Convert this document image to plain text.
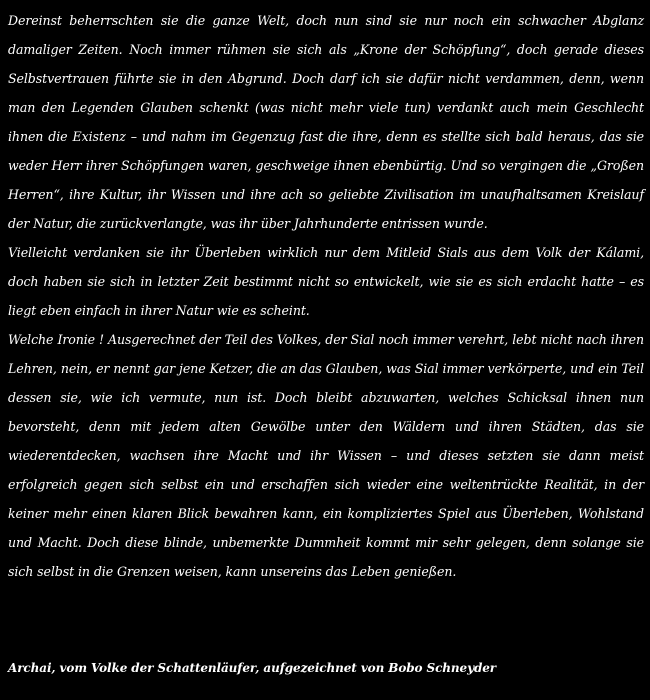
Dereinst beherrschten sie die ganze Welt, doch nun sind sie nur noch ein schwacher Abglanz damaliger Zeiten. Noch immer rühmen sie sich als „Krone der Schöpfung“, doch gerade dieses Selbstvertrauen führte sie in den Abgrund. Doch darf ich sie dafür nicht verdammen, denn, wenn man den Legenden Glauben schenkt (was nicht mehr viele tun) verdankt auch mein Geschlecht ihnen die Existenz – und nahm im Gegenzug fast die ihre, denn es stellte sich bald heraus, das sie weder Herr ihrer Schöpfungen waren, geschweige ihnen ebenbürtig. Und so vergingen die „Großen Herren“, ihre Kultur, ihr Wissen und ihre ach so geliebte Zivilisation im unaufhaltsamen Kreislauf der Natur, die zurückverlangte, was ihr über Jahrhunderte entrissen wurde.

Vielleicht verdanken sie ihr Überleben wirklich nur dem Mitleid Sials aus dem Volk der Kálami, doch haben sie sich in letzter Zeit bestimmt nicht so entwickelt, wie sie es sich erdacht hatte – es liegt eben einfach in ihrer Natur wie es scheint.

Welche Ironie ! Ausgerechnet der Teil des Volkes, der Sial noch immer verehrt, lebt nicht nach ihren Lehren, nein, er nennt gar jene Ketzer, die an das Glauben, was Sial immer verkörperte, und ein Teil dessen sie, wie ich vermute, nun ist. Doch bleibt abzuwarten, welches Schicksal ihnen nun bevorsteht, denn mit jedem alten Gewölbe unter den Wäldern und ihren Städten, das sie wiederentdecken, wachsen ihre Macht und ihr Wissen – und dieses setzten sie dann meist erfolgreich gegen sich selbst ein und erschaffen sich wieder eine weltentrückte Realität, in der keiner mehr einen klaren Blick bewahren kann, ein kompliziertes Spiel aus Überleben, Wohlstand und Macht. Doch diese blinde, unbemerkte Dummheit kommt mir sehr gelegen, denn solange sie sich selbst in die Grenzen weisen, kann unsereins das Leben genießen.

Archai, vom Volke der Schattenläufer, aufgezeichnet von Bobo Schneyder
